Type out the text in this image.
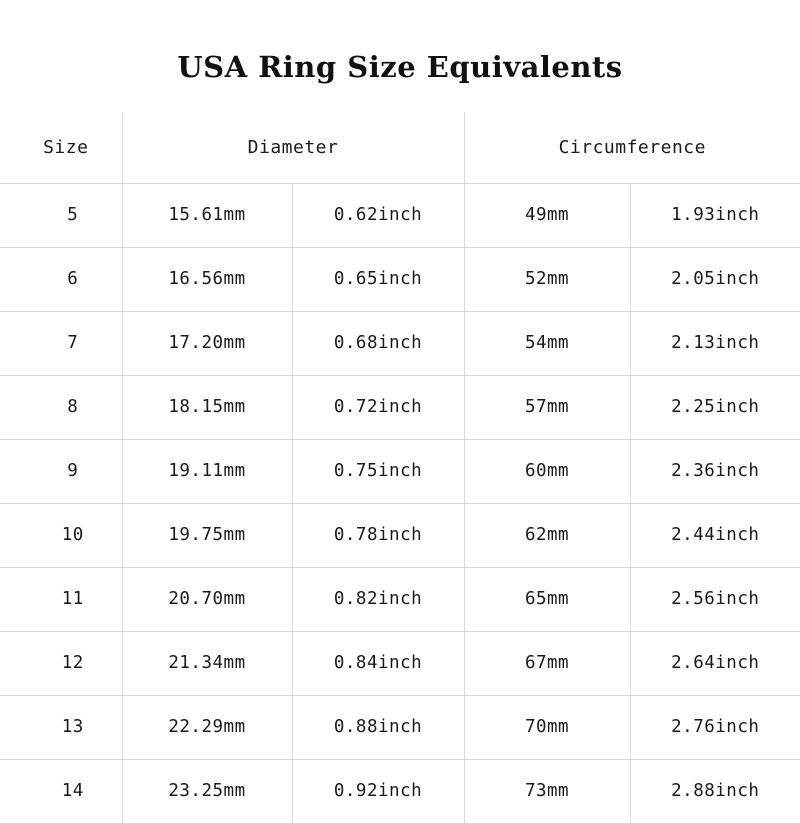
USA Ring Size Equivalents
Size	Diameter		Circumference	
5	15.61mm	0.62inch	49mm	1.93inch
6	16.56mm	0.65inch	52mm	2.05inch
7	17.20mm	0.68inch	54mm	2.13inch
8	18.15mm	0.72inch	57mm	2.25inch
9	19.11mm	0.75inch	60mm	2.36inch
10	19.75mm	0.78inch	62mm	2.44inch
11	20.70mm	0.82inch	65mm	2.56inch
12	21.34mm	0.84inch	67mm	2.64inch
13	22.29mm	0.88inch	70mm	2.76inch
14	23.25mm	0.92inch	73mm	2.88inch
